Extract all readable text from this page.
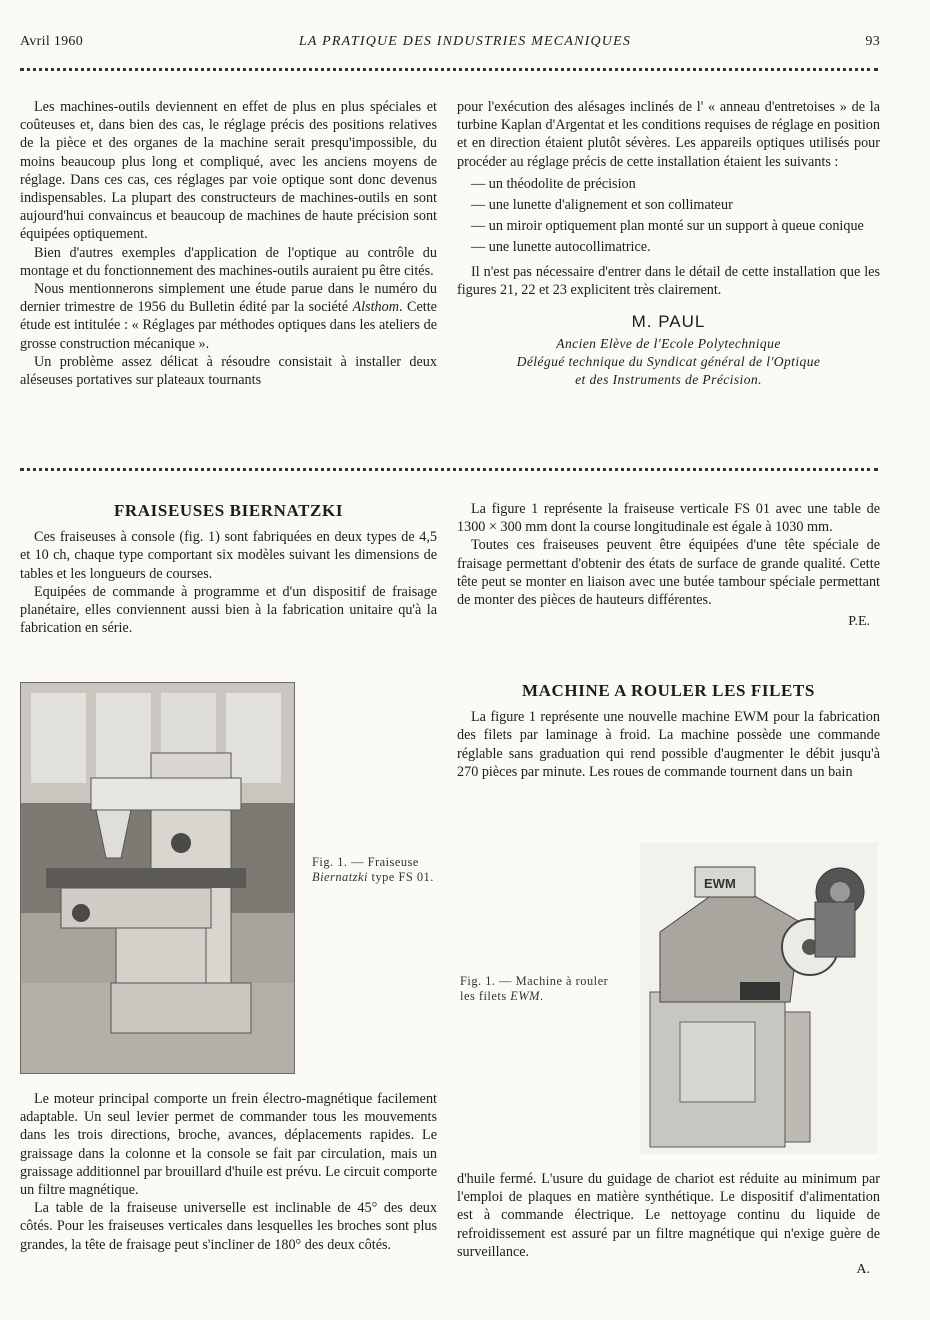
Avril 1960	LA PRATIQUE DES INDUSTRIES MECANIQUES	93

Les machines-outils deviennent en effet de plus en plus spéciales et coûteuses et, dans bien des cas, le réglage précis des positions relatives de la pièce et des organes de la machine serait presqu'impossible, du moins beaucoup plus long et compliqué, avec les anciens moyens de réglage. Dans ces cas, ces réglages par voie optique sont donc devenus indispensables. La plupart des constructeurs de machines-outils en sont aujourd'hui convaincus et beaucoup de machines de haute précision sont équipées optiquement.

Bien d'autres exemples d'application de l'optique au contrôle du montage et du fonctionnement des machines-outils auraient pu être cités.

Nous mentionnerons simplement une étude parue dans le numéro du dernier trimestre de 1956 du Bulletin édité par la société Alsthom. Cette étude est intitulée : « Réglages par méthodes optiques dans les ateliers de grosse construction mécanique ».

Un problème assez délicat à résoudre consistait à installer deux aléseuses portatives sur plateaux tournants

pour l'exécution des alésages inclinés de l' « anneau d'entretoises » de la turbine Kaplan d'Argentat et les conditions requises de réglage en position et en direction étaient plutôt sévères. Les appareils optiques utilisés pour procéder au réglage précis de cette installation étaient les suivants :

— un théodolite de précision
— une lunette d'alignement et son collimateur
— un miroir optiquement plan monté sur un support à queue conique
— une lunette autocollimatrice.

Il n'est pas nécessaire d'entrer dans le détail de cette installation que les figures 21, 22 et 23 explicitent très clairement.

M. PAUL
Ancien Elève de l'Ecole Polytechnique
Délégué technique du Syndicat général de l'Optique
et des Instruments de Précision.
FRAISEUSES BIERNATZKI

Ces fraiseuses à console (fig. 1) sont fabriquées en deux types de 4,5 et 10 ch, chaque type comportant six modèles suivant les dimensions de tables et les longueurs de courses.

Equipées de commande à programme et d'un dispositif de fraisage planétaire, elles conviennent aussi bien à la fabrication unitaire qu'à la fabrication en série.

La figure 1 représente la fraiseuse verticale FS 01 avec une table de 1300 × 300 mm dont la course longitudinale est égale à 1030 mm.

Toutes ces fraiseuses peuvent être équipées d'une tête spéciale de fraisage permettant d'obtenir des états de surface de grande qualité. Cette tête peut se monter en liaison avec une butée tambour spéciale permettant de monter des pièces de hauteurs différentes.

P.E.
Fig. 1. — Fraiseuse Biernatzki type FS 01.

Le moteur principal comporte un frein électro-magnétique facilement adaptable. Un seul levier permet de commander tous les mouvements dans les trois directions, broche, avances, déplacements rapides. Le graissage dans la colonne et la console se fait par circulation, mais un graissage additionnel par brouillard d'huile est prévu. Le circuit comporte un filtre magnétique.

La table de la fraiseuse universelle est inclinable de 45° des deux côtés. Pour les fraiseuses verticales dans lesquelles les broches sont plus grandes, la tête de fraisage peut s'incliner de 180° des deux côtés.

MACHINE A ROULER LES FILETS

La figure 1 représente une nouvelle machine EWM pour la fabrication des filets par laminage à froid. La machine possède une commande réglable sans graduation qui rend possible d'augmenter le débit jusqu'à 270 pièces par minute. Les roues de commande tournent dans un bain

Fig. 1. — Machine à rouler les filets EWM.
EWM

d'huile fermé. L'usure du guidage de chariot est réduite au minimum par l'emploi de plaques en matière synthétique. Le dispositif d'alimentation est à commande électrique. Le nettoyage continu du liquide de refroidissement est assuré par un filtre magnétique qui n'exige guère de surveillance.

A.
